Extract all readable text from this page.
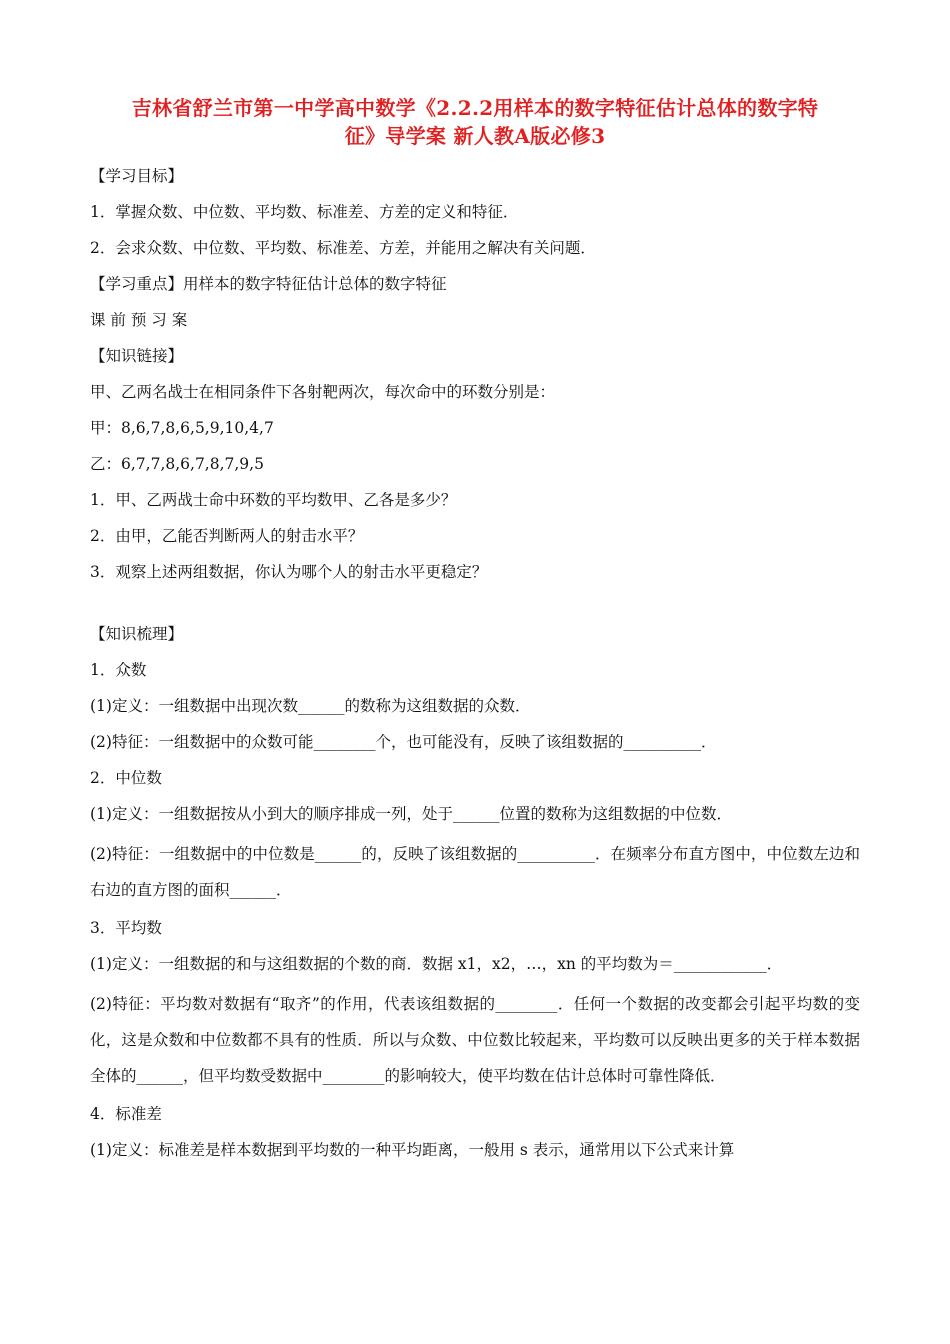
吉林省舒兰市第一中学高中数学《2.2.2用样本的数字特征估计总体的数字特
征》导学案 新人教A版必修3

【学习目标】

1．掌握众数、中位数、平均数、标准差、方差的定义和特征．

2．会求众数、中位数、平均数、标准差、方差，并能用之解决有关问题．

【学习重点】用样本的数字特征估计总体的数字特征

课 前 预 习 案

【知识链接】

甲、乙两名战士在相同条件下各射靶两次，每次命中的环数分别是：

甲：8,6,7,8,6,5,9,10,4,7

乙：6,7,7,8,6,7,8,7,9,5

1．甲、乙两战士命中环数的平均数甲、乙各是多少？

2．由甲，乙能否判断两人的射击水平？

3．观察上述两组数据，你认为哪个人的射击水平更稳定？

【知识梳理】

1．众数

(1)定义：一组数据中出现次数______的数称为这组数据的众数．

(2)特征：一组数据中的众数可能________个，也可能没有，反映了该组数据的__________．

2．中位数

(1)定义：一组数据按从小到大的顺序排成一列，处于______位置的数称为这组数据的中位数．

(2)特征：一组数据中的中位数是______的，反映了该组数据的__________．在频率分布直方图中，中位数左边和右边的直方图的面积______．

3．平均数

(1)定义：一组数据的和与这组数据的个数的商．数据 x1，x2，…，xn 的平均数为＝____________．

(2)特征：平均数对数据有“取齐”的作用，代表该组数据的________．任何一个数据的改变都会引起平均数的变化，这是众数和中位数都不具有的性质．所以与众数、中位数比较起来，平均数可以反映出更多的关于样本数据全体的______，但平均数受数据中________的影响较大，使平均数在估计总体时可靠性降低．

4．标准差

(1)定义：标准差是样本数据到平均数的一种平均距离，一般用 s 表示，通常用以下公式来计算
